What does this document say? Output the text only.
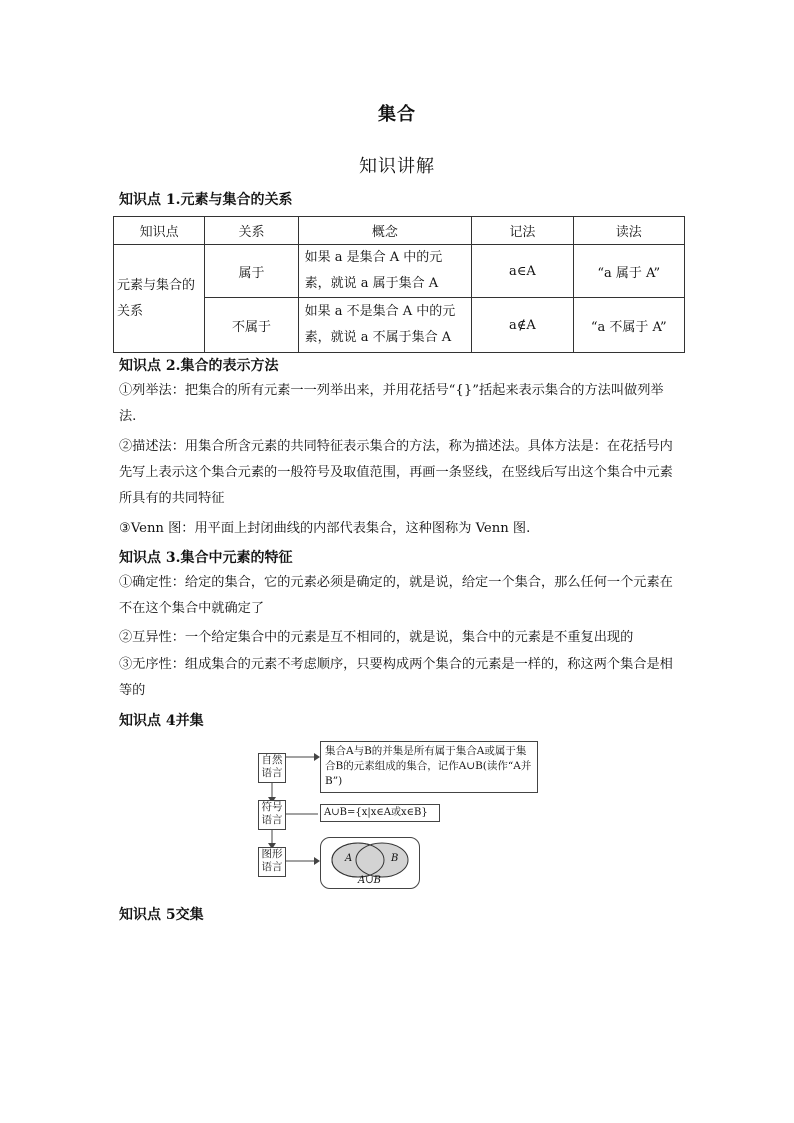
集合
知识讲解
知识点 1.元素与集合的关系
知识点	关系	概念	记法	读法
元素与集合的关系	属于	如果 a 是集合 A 中的元素，就说 a 属于集合 A	a∈A	“a 属于 A”
	不属于	如果 a 不是集合 A 中的元素，就说 a 不属于集合 A	a∉A	“a 不属于 A”
知识点 2.集合的表示方法
①列举法：把集合的所有元素一一列举出来，并用花括号“{}”括起来表示集合的方法叫做列举法.
②描述法：用集合所含元素的共同特征表示集合的方法，称为描述法。具体方法是：在花括号内先写上表示这个集合元素的一般符号及取值范围，再画一条竖线，在竖线后写出这个集合中元素所具有的共同特征
③Venn 图：用平面上封闭曲线的内部代表集合，这种图称为 Venn 图.
知识点 3.集合中元素的特征
①确定性：给定的集合，它的元素必须是确定的，就是说，给定一个集合，那么任何一个元素在不在这个集合中就确定了
②互异性：一个给定集合中的元素是互不相同的，就是说，集合中的元素是不重复出现的
③无序性：组成集合的元素不考虑顺序，只要构成两个集合的元素是一样的，称这两个集合是相等的
知识点 4并集
自然语言
集合A与B的并集是所有属于集合A或属于集合B的元素组成的集合，记作A∪B(读作“A并B”)
符号语言
A∪B={x|x∈A或x∈B}
图形语言
A	B
A∪B
知识点 5交集
